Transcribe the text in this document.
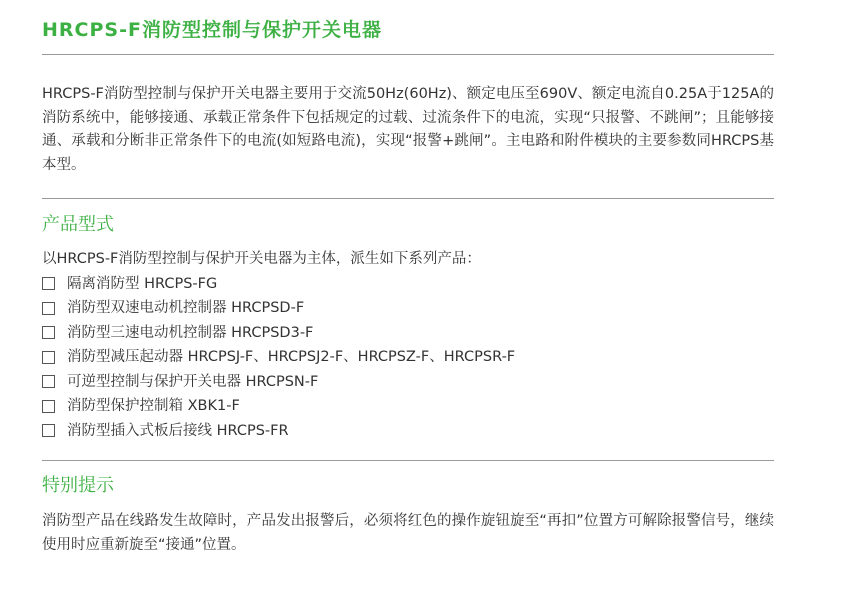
HRCPS-F消防型控制与保护开关电器

HRCPS-F消防型控制与保护开关电器主要用于交流50Hz(60Hz)、额定电压至690V、额定电流自0.25A于125A的消防系统中，能够接通、承载正常条件下包括规定的过载、过流条件下的电流，实现“只报警、不跳闸”；且能够接通、承载和分断非正常条件下的电流(如短路电流)，实现“报警+跳闸”。主电路和附件模块的主要参数同HRCPS基本型。

产品型式

以HRCPS-F消防型控制与保护开关电器为主体，派生如下系列产品：

隔离消防型 HRCPS-FG
消防型双速电动机控制器 HRCPSD-F
消防型三速电动机控制器 HRCPSD3-F
消防型减压起动器 HRCPSJ-F、HRCPSJ2-F、HRCPSZ-F、HRCPSR-F
可逆型控制与保护开关电器 HRCPSN-F
消防型保护控制箱 XBK1-F
消防型插入式板后接线 HRCPS-FR
特别提示

消防型产品在线路发生故障时，产品发出报警后，必须将红色的操作旋钮旋至“再扣”位置方可解除报警信号，继续使用时应重新旋至“接通”位置。
